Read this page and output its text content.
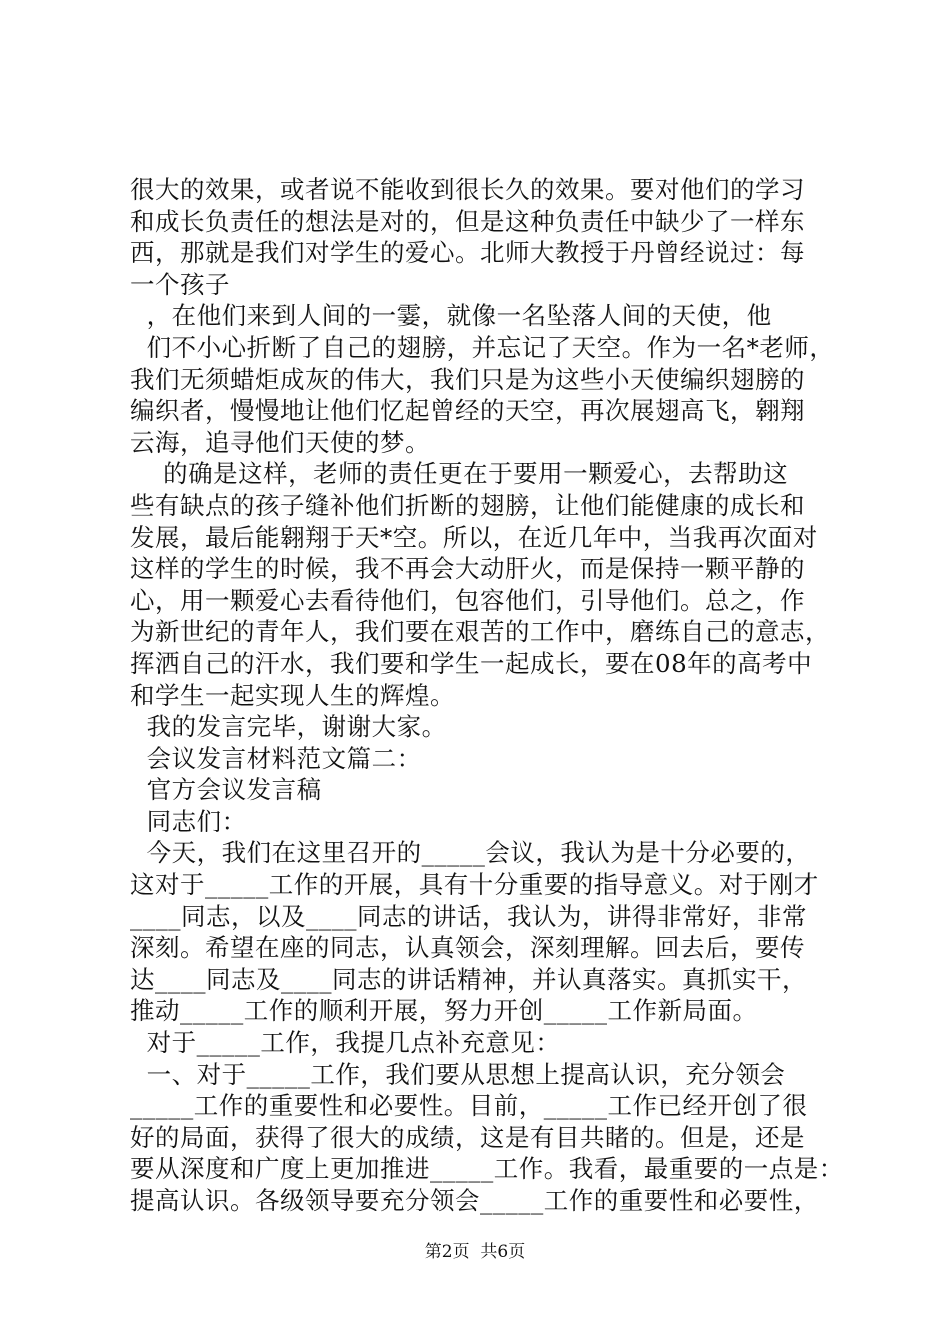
很大的效果，或者说不能收到很长久的效果。要对他们的学习
和成长负责任的想法是对的，但是这种负责任中缺少了一样东
西，那就是我们对学生的爱心。北师大教授于丹曾经说过：每
一个孩子
，在他们来到人间的一霎，就像一名坠落人间的天使，他
们不小心折断了自己的翅膀，并忘记了天空。作为一名*老师，
我们无须蜡炬成灰的伟大，我们只是为这些小天使编织翅膀的
编织者，慢慢地让他们忆起曾经的天空，再次展翅高飞，翱翔
云海，追寻他们天使的梦。
的确是这样，老师的责任更在于要用一颗爱心，去帮助这
些有缺点的孩子缝补他们折断的翅膀，让他们能健康的成长和
发展，最后能翱翔于天*空。所以，在近几年中，当我再次面对
这样的学生的时候，我不再会大动肝火，而是保持一颗平静的
心，用一颗爱心去看待他们，包容他们，引导他们。总之，作
为新世纪的青年人，我们要在艰苦的工作中，磨练自己的意志，
挥洒自己的汗水，我们要和学生一起成长，要在08年的高考中
和学生一起实现人生的辉煌。
我的发言完毕，谢谢大家。
会议发言材料范文篇二：
官方会议发言稿
同志们：
今天，我们在这里召开的_____会议，我认为是十分必要的，
这对于_____工作的开展，具有十分重要的指导意义。对于刚才
____同志，以及____同志的讲话，我认为，讲得非常好，非常
深刻。希望在座的同志，认真领会，深刻理解。回去后，要传
达____同志及____同志的讲话精神，并认真落实。真抓实干，
推动_____工作的顺利开展，努力开创_____工作新局面。
对于_____工作，我提几点补充意见：
一、对于_____工作，我们要从思想上提高认识，充分领会
_____工作的重要性和必要性。目前，_____工作已经开创了很
好的局面，获得了很大的成绩，这是有目共睹的。但是，还是
要从深度和广度上更加推进_____工作。我看，最重要的一点是：
提高认识。各级领导要充分领会_____工作的重要性和必要性，
第2页  共6页
